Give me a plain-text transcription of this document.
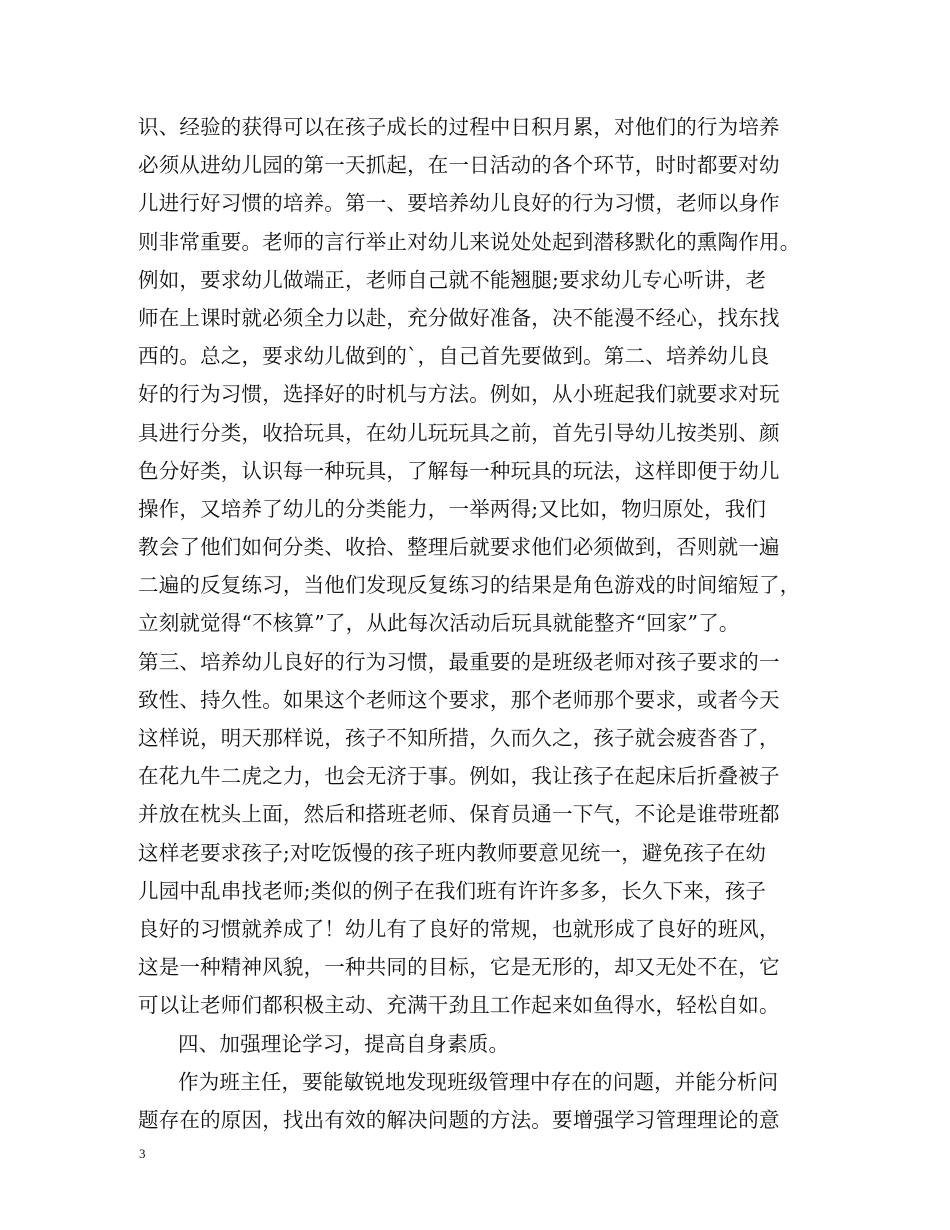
识、经验的获得可以在孩子成长的过程中日积月累，对他们的行为培养
必须从进幼儿园的第一天抓起，在一日活动的各个环节，时时都要对幼
儿进行好习惯的培养。第一、要培养幼儿良好的行为习惯，老师以身作
则非常重要。老师的言行举止对幼儿来说处处起到潜移默化的熏陶作用。
例如，要求幼儿做端正，老师自己就不能翘腿;要求幼儿专心听讲，老
师在上课时就必须全力以赴，充分做好准备，决不能漫不经心，找东找
西的。总之，要求幼儿做到的`，自己首先要做到。第二、培养幼儿良
好的行为习惯，选择好的时机与方法。例如，从小班起我们就要求对玩
具进行分类，收拾玩具，在幼儿玩玩具之前，首先引导幼儿按类别、颜
色分好类，认识每一种玩具，了解每一种玩具的玩法，这样即便于幼儿
操作，又培养了幼儿的分类能力，一举两得;又比如，物归原处，我们
教会了他们如何分类、收拾、整理后就要求他们必须做到，否则就一遍
二遍的反复练习，当他们发现反复练习的结果是角色游戏的时间缩短了，
立刻就觉得“不核算”了，从此每次活动后玩具就能整齐“回家”了。
第三、培养幼儿良好的行为习惯，最重要的是班级老师对孩子要求的一
致性、持久性。如果这个老师这个要求，那个老师那个要求，或者今天
这样说，明天那样说，孩子不知所措，久而久之，孩子就会疲沓沓了，
在花九牛二虎之力，也会无济于事。例如，我让孩子在起床后折叠被子
并放在枕头上面，然后和搭班老师、保育员通一下气，不论是谁带班都
这样老要求孩子;对吃饭慢的孩子班内教师要意见统一，避免孩子在幼
儿园中乱串找老师;类似的例子在我们班有许许多多，长久下来，孩子
良好的习惯就养成了！幼儿有了良好的常规，也就形成了良好的班风，
这是一种精神风貌，一种共同的目标，它是无形的，却又无处不在，它
可以让老师们都积极主动、充满干劲且工作起来如鱼得水，轻松自如。
四、加强理论学习，提高自身素质。
作为班主任，要能敏锐地发现班级管理中存在的问题，并能分析问
题存在的原因，找出有效的解决问题的方法。要增强学习管理理论的意
3
